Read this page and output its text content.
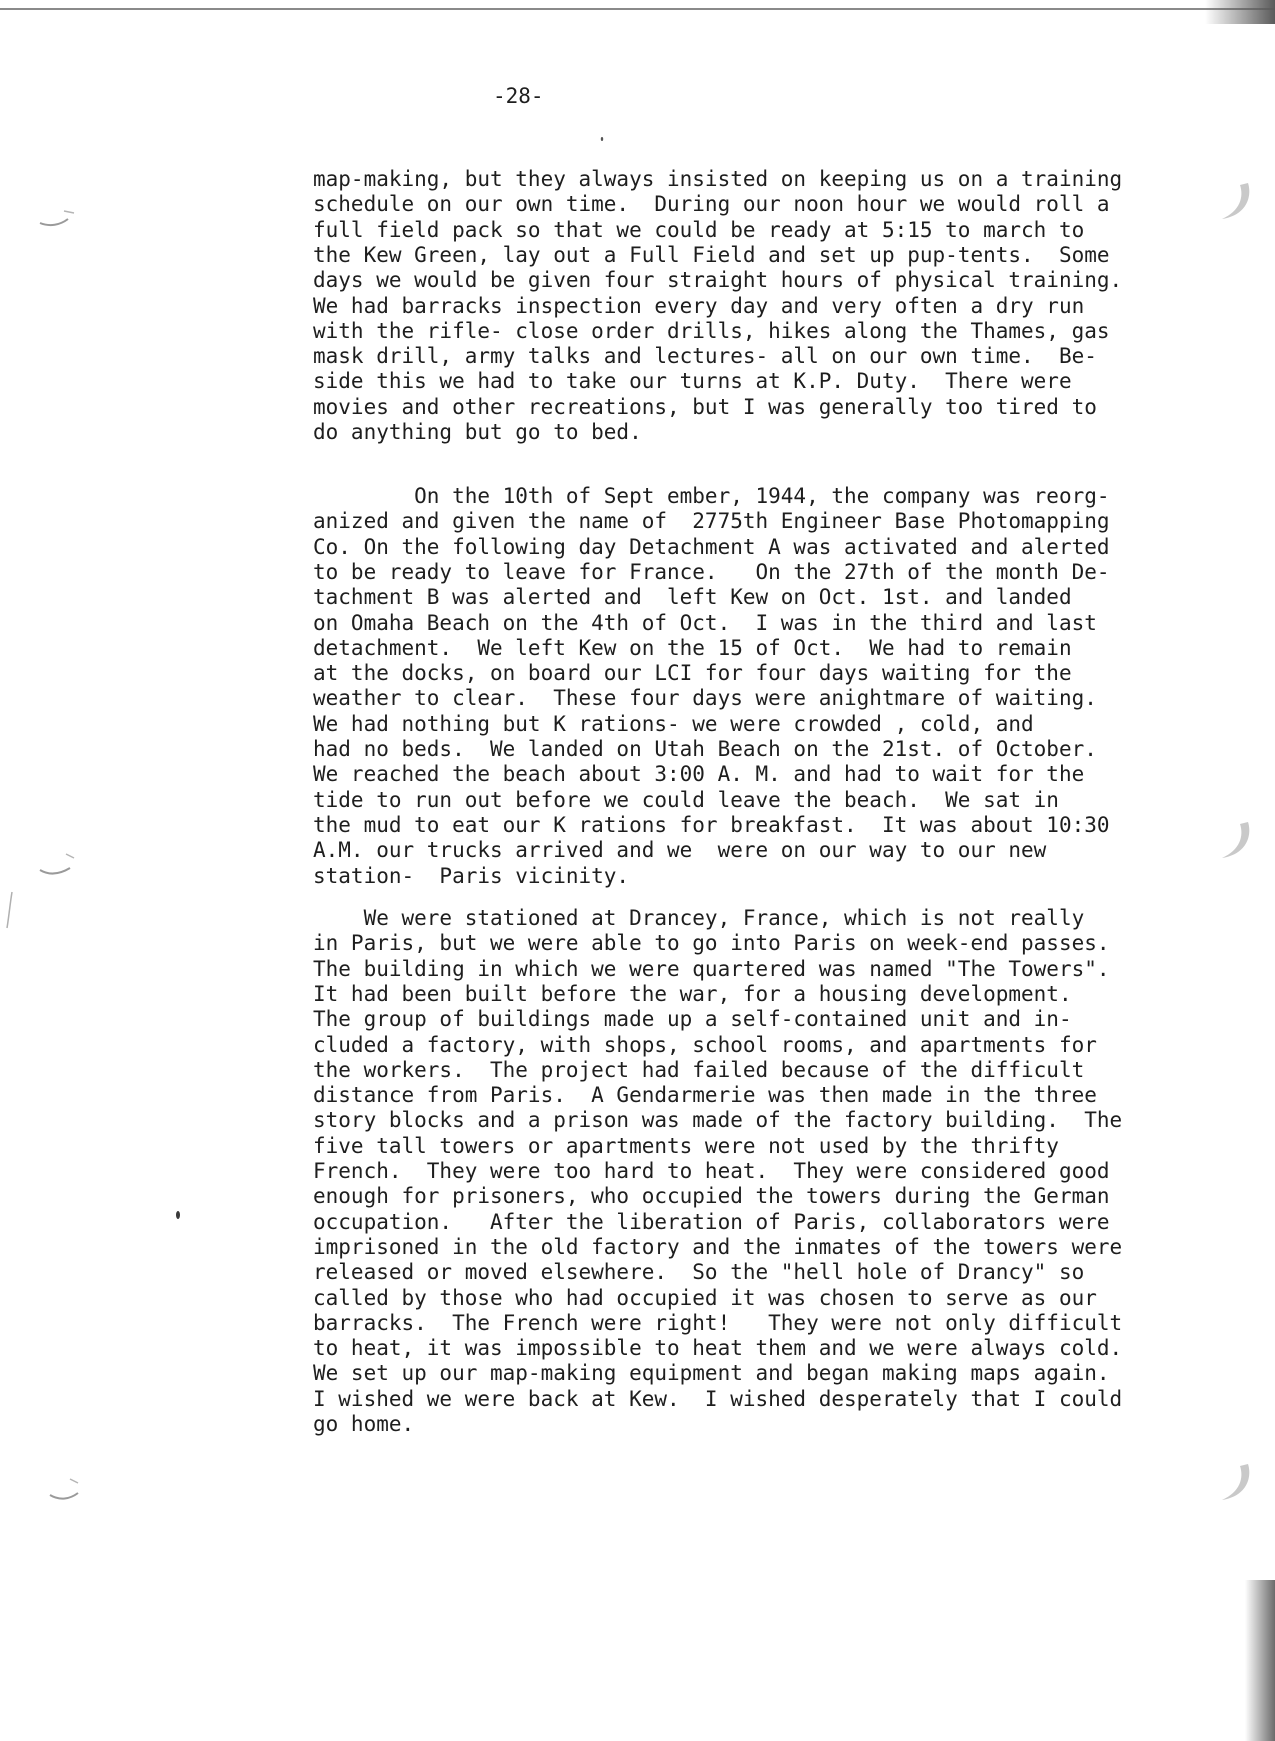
-28-

map-making, but they always insisted on keeping us on a training

schedule on our own time.  During our noon hour we would roll a

full field pack so that we could be ready at 5:15 to march to

the Kew Green, lay out a Full Field and set up pup-tents.  Some

days we would be given four straight hours of physical training.

We had barracks inspection every day and very often a dry run

with the rifle- close order drills, hikes along the Thames, gas

mask drill, army talks and lectures- all on our own time.  Be-

side this we had to take our turns at K.P. Duty.  There were

movies and other recreations, but I was generally too tired to

do anything but go to bed.

On the 10th of Sept ember, 1944, the company was reorg-

anized and given the name of  2775th Engineer Base Photomapping

Co. On the following day Detachment A was activated and alerted

to be ready to leave for France.   On the 27th of the month De-

tachment B was alerted and  left Kew on Oct. 1st. and landed

on Omaha Beach on the 4th of Oct.  I was in the third and last

detachment.  We left Kew on the 15 of Oct.  We had to remain

at the docks, on board our LCI for four days waiting for the

weather to clear.  These four days were anightmare of waiting.

We had nothing but K rations- we were crowded , cold, and

had no beds.  We landed on Utah Beach on the 21st. of October.

We reached the beach about 3:00 A. M. and had to wait for the

tide to run out before we could leave the beach.  We sat in

the mud to eat our K rations for breakfast.  It was about 10:30

A.M. our trucks arrived and we  were on our way to our new

station-  Paris vicinity.

We were stationed at Drancey, France, which is not really

in Paris, but we were able to go into Paris on week-end passes.

The building in which we were quartered was named "The Towers".

It had been built before the war, for a housing development.

The group of buildings made up a self-contained unit and in-

cluded a factory, with shops, school rooms, and apartments for

the workers.  The project had failed because of the difficult

distance from Paris.  A Gendarmerie was then made in the three

story blocks and a prison was made of the factory building.  The

five tall towers or apartments were not used by the thrifty

French.  They were too hard to heat.  They were considered good

enough for prisoners, who occupied the towers during the German

occupation.   After the liberation of Paris, collaborators were

imprisoned in the old factory and the inmates of the towers were

released or moved elsewhere.  So the "hell hole of Drancy" so

called by those who had occupied it was chosen to serve as our

barracks.  The French were right!   They were not only difficult

to heat, it was impossible to heat them and we were always cold.

We set up our map-making equipment and began making maps again.

I wished we were back at Kew.  I wished desperately that I could

go home.
